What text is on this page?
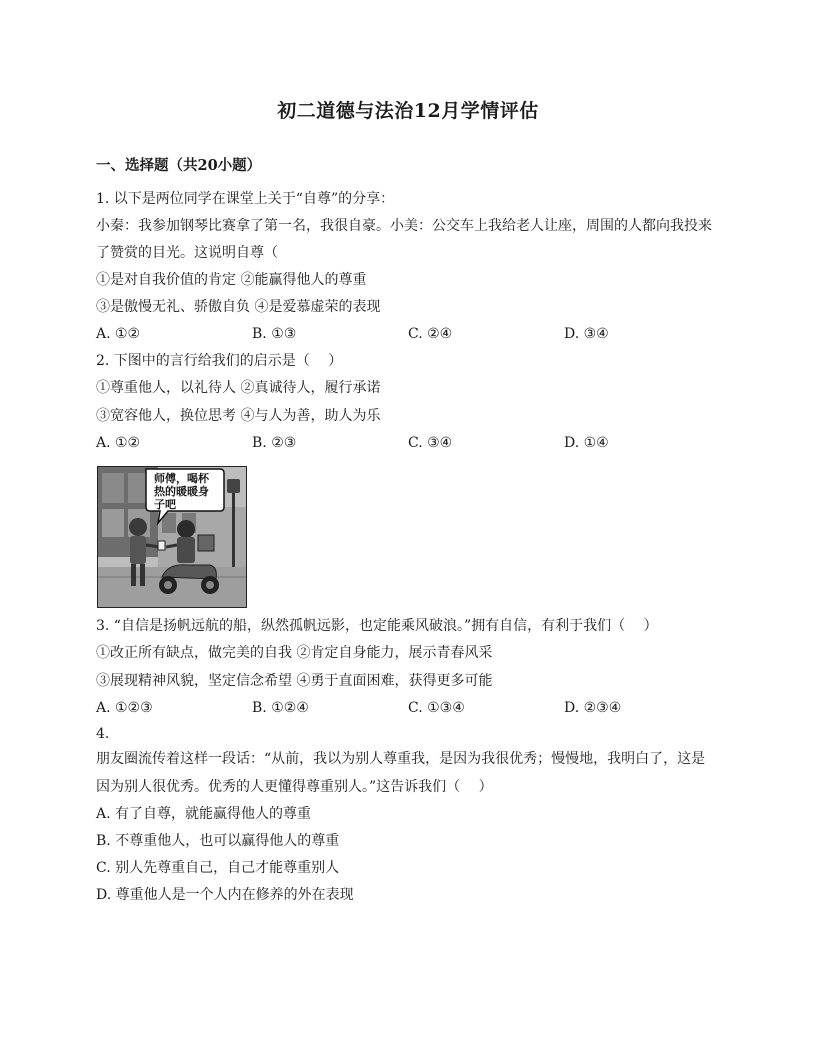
初二道德与法治12月学情评估
一、选择题（共20小题）
1. 以下是两位同学在课堂上关于“自尊”的分享：
小秦：我参加钢琴比赛拿了第一名，我很自豪。小美：公交车上我给老人让座，周围的人都向我投来
了赞赏的目光。这说明自尊（
①是对自我价值的肯定 ②能赢得他人的尊重
③是傲慢无礼、骄傲自负 ④是爱慕虚荣的表现
A. ①②	B. ①③	C. ②④	D. ③④
2. 下图中的言行给我们的启示是（　 ）
①尊重他人，以礼待人 ②真诚待人，履行承诺
③宽容他人，换位思考 ④与人为善，助人为乐
A. ①②	B. ②③	C. ③④	D. ①④
师傅，喝杯
热的暖暖身
子吧
3. “自信是扬帆远航的船，纵然孤帆远影，也定能乘风破浪。”拥有自信，有利于我们（　 ）
①改正所有缺点，做完美的自我 ②肯定自身能力，展示青春风采
③展现精神风貌，坚定信念希望 ④勇于直面困难，获得更多可能
A. ①②③	B. ①②④	C. ①③④	D. ②③④
4.
朋友圈流传着这样一段话：“从前，我以为别人尊重我，是因为我很优秀；慢慢地，我明白了，这是
因为别人很优秀。优秀的人更懂得尊重别人。”这告诉我们（　 ）
A. 有了自尊，就能赢得他人的尊重
B. 不尊重他人，也可以赢得他人的尊重
C. 别人先尊重自己，自己才能尊重别人
D. 尊重他人是一个人内在修养的外在表现
